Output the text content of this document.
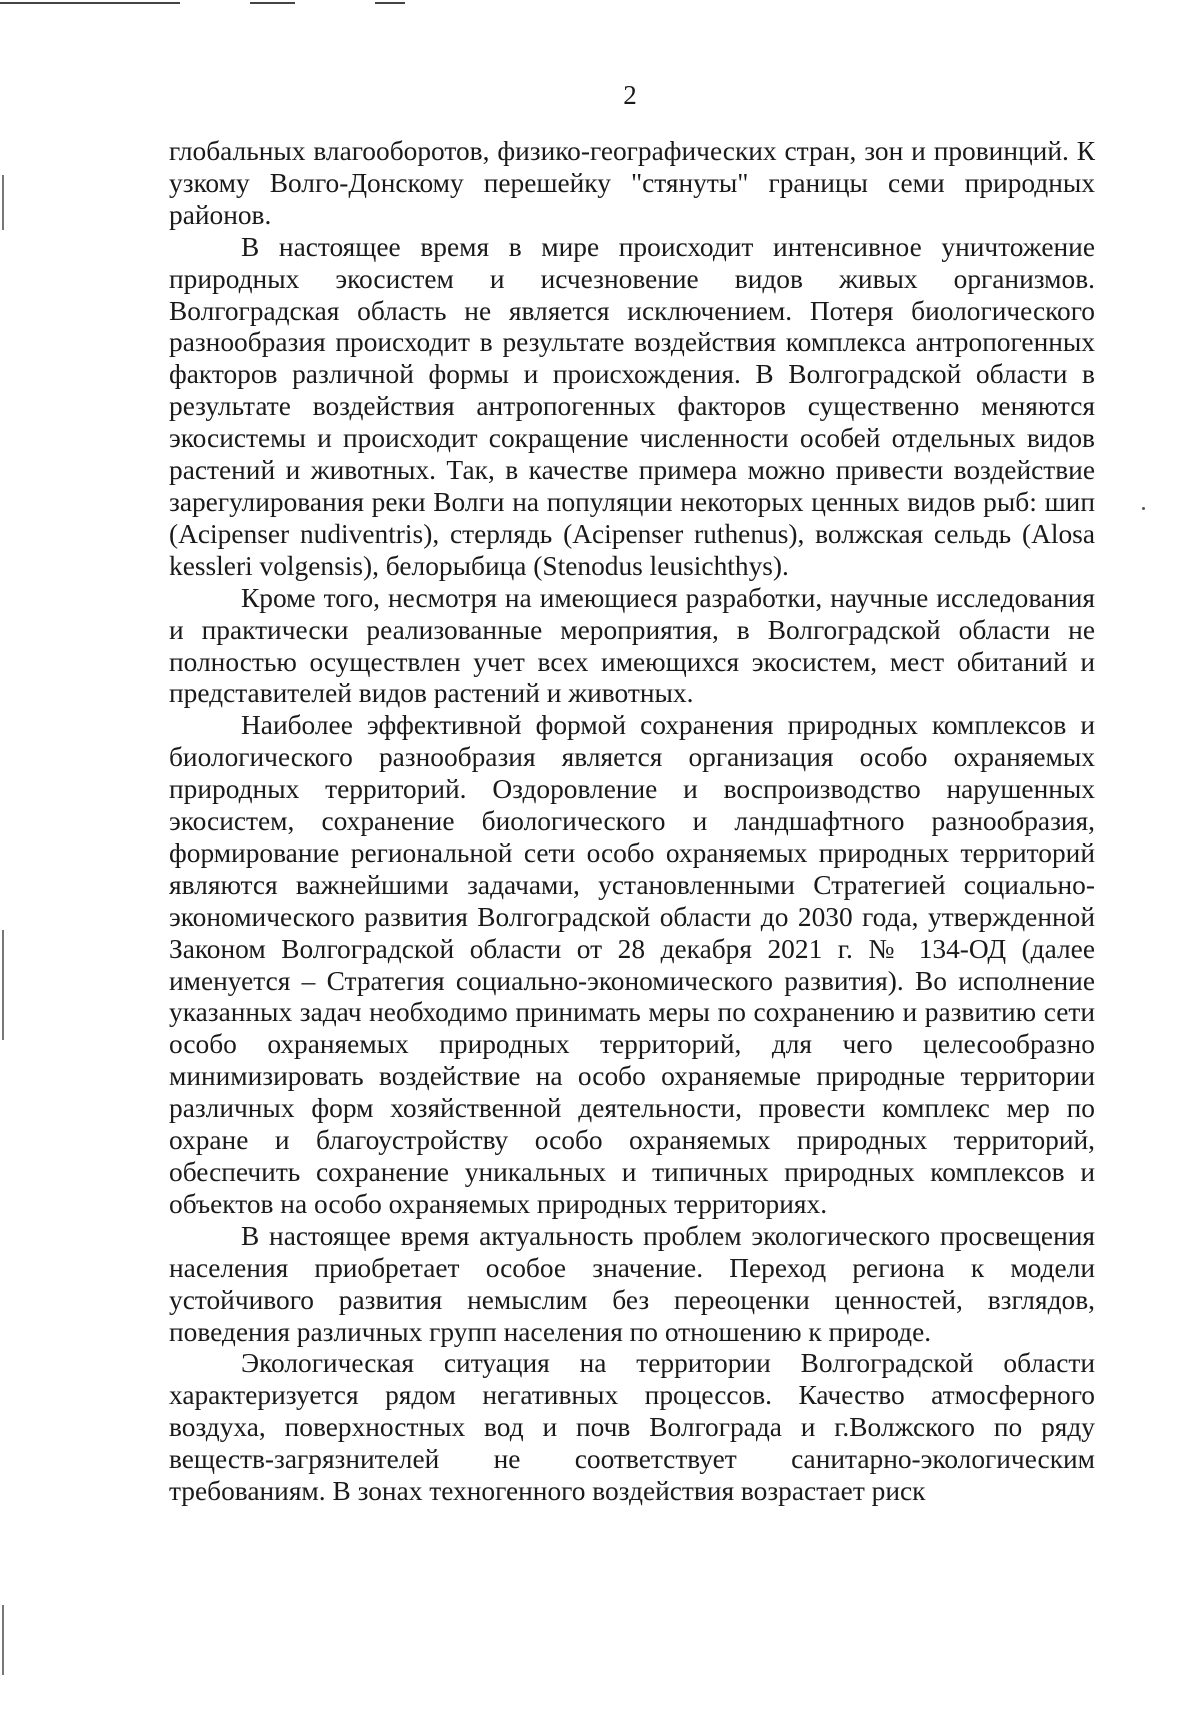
2

глобальных влагооборотов, физико-географических стран, зон и провинций. К узкому Волго-Донскому перешейку "стянуты" границы семи природных районов.

В настоящее время в мире происходит интенсивное уничтожение природных экосистем и исчезновение видов живых организмов. Волгоградская область не является исключением. Потеря биологического разнообразия происходит в результате воздействия комплекса антропогенных факторов различной формы и происхождения. В Волгоградской области в результате воздействия антропогенных факторов существенно меняются экосистемы и происходит сокращение численности особей отдельных видов растений и животных. Так, в качестве примера можно привести воздействие зарегулирования реки Волги на популяции некоторых ценных видов рыб: шип (Acipenser nudiventris), стерлядь (Acipenser ruthenus), волжская сельдь (Alosa kessleri volgensis), белорыбица (Stenodus leusichthys).

Кроме того, несмотря на имеющиеся разработки, научные исследования и практически реализованные мероприятия, в Волгоградской области не полностью осуществлен учет всех имеющихся экосистем, мест обитаний и представителей видов растений и животных.

Наиболее эффективной формой сохранения природных комплексов и биологического разнообразия является организация особо охраняемых природных территорий. Оздоровление и воспроизводство нарушенных экосистем, сохранение биологического и ландшафтного разнообразия, формирование региональной сети особо охраняемых природных территорий являются важнейшими задачами, установленными Стратегией социально-экономического развития Волгоградской области до 2030 года, утвержденной Законом Волгоградской области от 28 декабря 2021 г. № 134-ОД (далее именуется – Стратегия социально-экономического развития). Во исполнение указанных задач необходимо принимать меры по сохранению и развитию сети особо охраняемых природных территорий, для чего целесообразно минимизировать воздействие на особо охраняемые природные территории различных форм хозяйственной деятельности, провести комплекс мер по охране и благоустройству особо охраняемых природных территорий, обеспечить сохранение уникальных и типичных природных комплексов и объектов на особо охраняемых природных территориях.

В настоящее время актуальность проблем экологического просвещения населения приобретает особое значение. Переход региона к модели устойчивого развития немыслим без переоценки ценностей, взглядов, поведения различных групп населения по отношению к природе.

Экологическая ситуация на территории Волгоградской области характеризуется рядом негативных процессов. Качество атмосферного воздуха, поверхностных вод и почв Волгограда и г.Волжского по ряду веществ-загрязнителей не соответствует санитарно-экологическим требованиям. В зонах техногенного воздействия возрастает риск
